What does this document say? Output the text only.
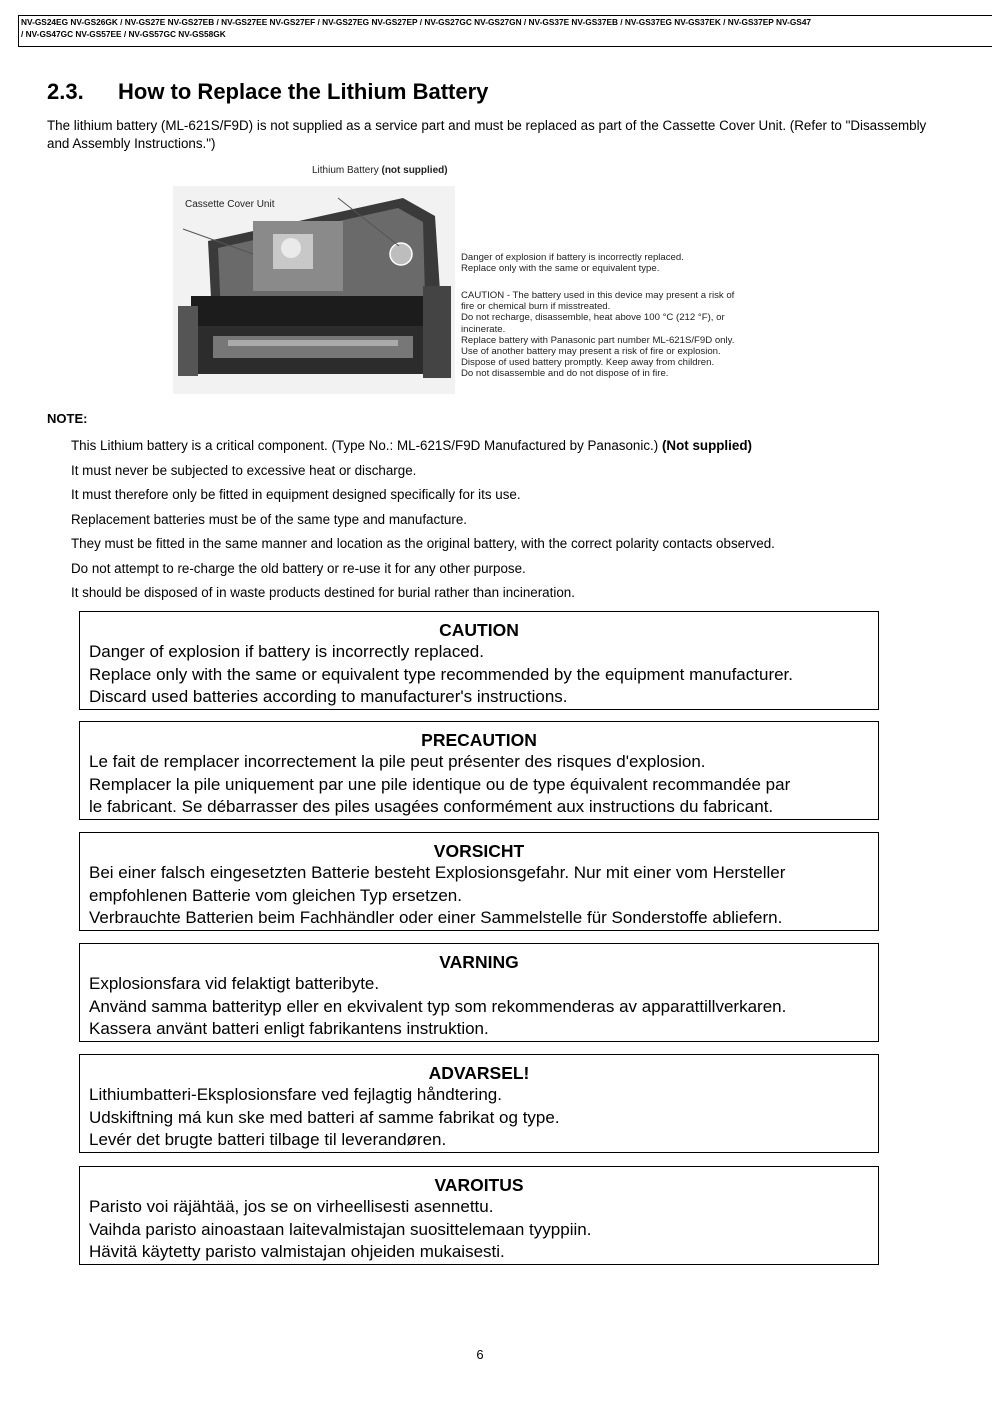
NV-GS24EG NV-GS26GK / NV-GS27E NV-GS27EB / NV-GS27EE NV-GS27EF / NV-GS27EG NV-GS27EP / NV-GS27GC NV-GS27GN / NV-GS37E NV-GS37EB / NV-GS37EG NV-GS37EK / NV-GS37EP NV-GS47
/ NV-GS47GC NV-GS57EE / NV-GS57GC NV-GS58GK
2.3. How to Replace the Lithium Battery
The lithium battery (ML-621S/F9D) is not supplied as a service part and must be replaced as part of the Cassette Cover Unit. (Refer to "Disassembly and Assembly Instructions.")
Lithium Battery (not supplied)
Cassette Cover Unit
Danger of explosion if battery is incorrectly replaced.
Replace only with the same or equivalent type.
CAUTION - The battery used in this device may present a risk of
fire or chemical burn if misstreated.
Do not recharge, disassemble, heat above 100 °C (212 °F), or
incinerate.
Replace battery with Panasonic part number ML-621S/F9D only.
Use of another battery may present a risk of fire or explosion.
Dispose of used battery promptly. Keep away from children.
Do not disassemble and do not dispose of in fire.
NOTE:
This Lithium battery is a critical component. (Type No.: ML-621S/F9D Manufactured by Panasonic.) (Not supplied)
It must never be subjected to excessive heat or discharge.
It must therefore only be fitted in equipment designed specifically for its use.
Replacement batteries must be of the same type and manufacture.
They must be fitted in the same manner and location as the original battery, with the correct polarity contacts observed.
Do not attempt to re-charge the old battery or re-use it for any other purpose.
It should be disposed of in waste products destined for burial rather than incineration.
CAUTION
Danger of explosion if battery is incorrectly replaced.
Replace only with the same or equivalent type recommended by the equipment manufacturer.
Discard used batteries according to manufacturer's instructions.
PRECAUTION
Le fait de remplacer incorrectement la pile peut présenter des risques d'explosion.
Remplacer la pile uniquement par une pile identique ou de type équivalent recommandée par
le fabricant. Se débarrasser des piles usagées conformément aux instructions du fabricant.
VORSICHT
Bei einer falsch eingesetzten Batterie besteht Explosionsgefahr. Nur mit einer vom Hersteller
empfohlenen Batterie vom gleichen Typ ersetzen.
Verbrauchte Batterien beim Fachhändler oder einer Sammelstelle für Sonderstoffe abliefern.
VARNING
Explosionsfara vid felaktigt batteribyte.
Använd samma batterityp eller en ekvivalent typ som rekommenderas av apparattillverkaren.
Kassera använt batteri enligt fabrikantens instruktion.
ADVARSEL!
Lithiumbatteri-Eksplosionsfare ved fejlagtig håndtering.
Udskiftning má kun ske med batteri af samme fabrikat og type.
Levér det brugte batteri tilbage til leverandøren.
VAROITUS
Paristo voi räjähtää, jos se on virheellisesti asennettu.
Vaihda paristo ainoastaan laitevalmistajan suosittelemaan tyyppiin.
Hävitä käytetty paristo valmistajan ohjeiden mukaisesti.
6
